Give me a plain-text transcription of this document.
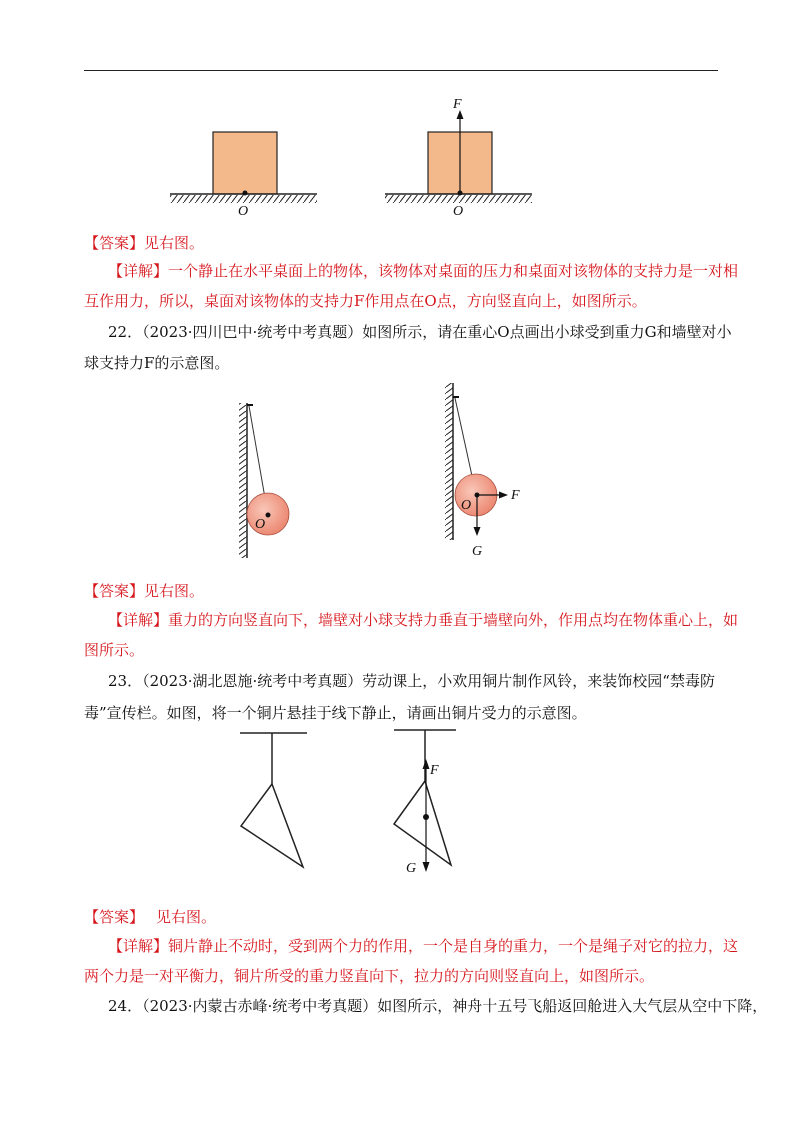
O
F
O
【答案】见右图。
【详解】一个静止在水平桌面上的物体，该物体对桌面的压力和桌面对该物体的支持力是一对相
互作用力，所以，桌面对该物体的支持力F作用点在O点，方向竖直向上，如图所示。
22．（2023·四川巴中·统考中考真题）如图所示，请在重心O点画出小球受到重力G和墙壁对小
球支持力F的示意图。
O
F
O
G
【答案】见右图。
【详解】重力的方向竖直向下，墙壁对小球支持力垂直于墙壁向外，作用点均在物体重心上，如
图所示。
23．（2023·湖北恩施·统考中考真题）劳动课上，小欢用铜片制作风铃，来装饰校园“禁毒防
毒”宣传栏。如图，将一个铜片悬挂于线下静止，请画出铜片受力的示意图。
F
G
【答案】 见右图。
【详解】铜片静止不动时，受到两个力的作用，一个是自身的重力，一个是绳子对它的拉力，这
两个力是一对平衡力，铜片所受的重力竖直向下，拉力的方向则竖直向上，如图所示。
24．（2023·内蒙古赤峰·统考中考真题）如图所示，神舟十五号飞船返回舱进入大气层从空中下降，
